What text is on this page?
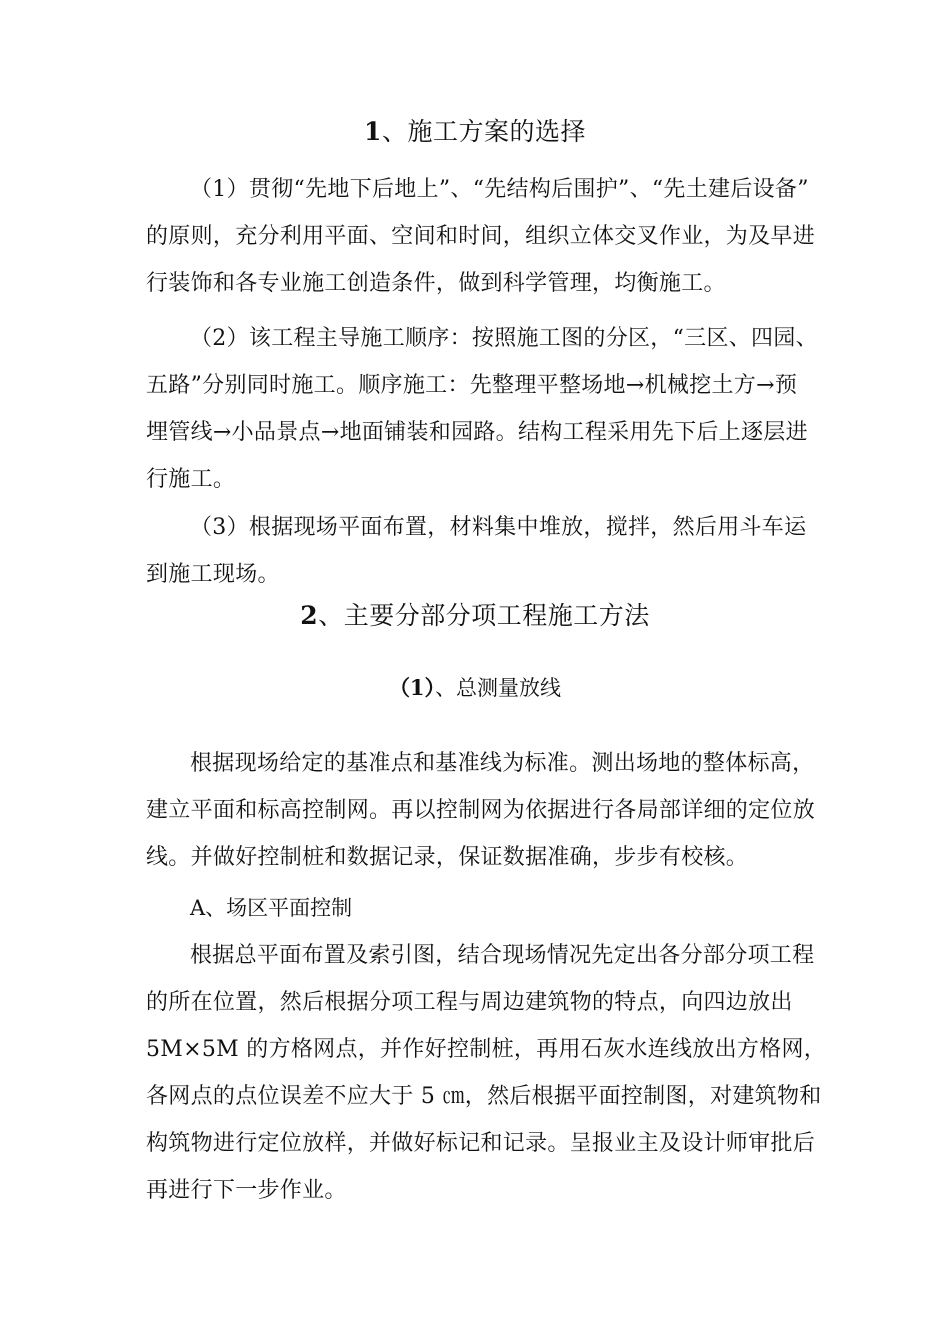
1、施工方案的选择
（1）贯彻“先地下后地上”、“先结构后围护”、“先土建后设备”
的原则，充分利用平面、空间和时间，组织立体交叉作业，为及早进
行装饰和各专业施工创造条件，做到科学管理，均衡施工。
（2）该工程主导施工顺序：按照施工图的分区，“三区、四园、
五路”分别同时施工。顺序施工：先整理平整场地→机械挖土方→预
埋管线→小品景点→地面铺装和园路。结构工程采用先下后上逐层进
行施工。
（3）根据现场平面布置，材料集中堆放，搅拌，然后用斗车运
到施工现场。
2、主要分部分项工程施工方法
（1）、总测量放线
根据现场给定的基准点和基准线为标准。测出场地的整体标高，
建立平面和标高控制网。再以控制网为依据进行各局部详细的定位放
线。并做好控制桩和数据记录，保证数据准确，步步有校核。
A、场区平面控制
根据总平面布置及索引图，结合现场情况先定出各分部分项工程
的所在位置，然后根据分项工程与周边建筑物的特点，向四边放出
5M×5M 的方格网点，并作好控制桩，再用石灰水连线放出方格网，
各网点的点位误差不应大于 5 ㎝，然后根据平面控制图，对建筑物和
构筑物进行定位放样，并做好标记和记录。呈报业主及设计师审批后
再进行下一步作业。
